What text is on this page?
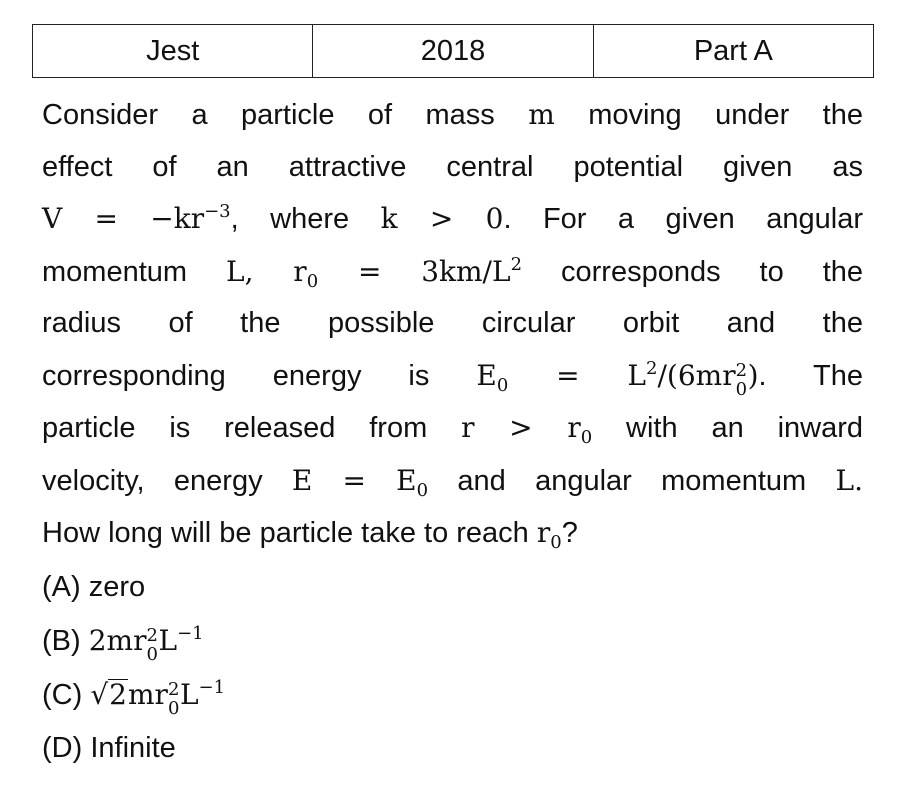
Jest	2018	Part A
Consider a particle of mass m moving under the
effect of an attractive central potential given as
$V = -kr^{-3}$, where k > 0. For a given angular
momentum L, $r_0 = 3km/L^2$ corresponds to the
radius of the possible circular orbit and the
corresponding energy is $E_0 = L^2/(6mr$ 2
0 ). The
particle is released from $r > r_0$ with an inward
velocity, energy $E = E_0$ and angular momentum L.
How long will be particle take to reach $r_0$?
(A) zero
(B) 2mr 2
0 $L^{-1}$
(C) √2mr 2
0 $L^{-1}$
(D) Infinite
